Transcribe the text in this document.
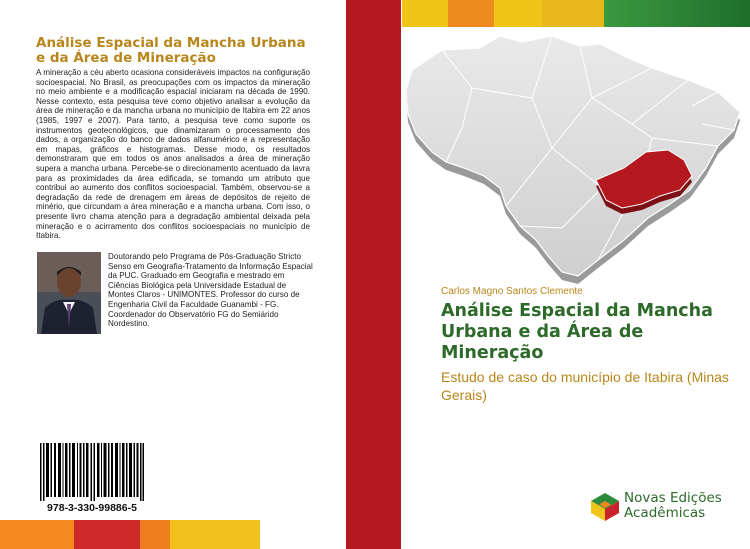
Análise Espacial da Mancha Urbana e da Área de Mineração
A mineração a céu aberto ocasiona consideráveis impactos na configuração socioespacial. No Brasil, as preocupações com os impactos da mineração no meio ambiente e a modificação espacial iniciaram na década de 1990. Nesse contexto, esta pesquisa teve como objetivo analisar a evolução da área de mineração e da mancha urbana no município de Itabira em 22 anos (1985, 1997 e 2007). Para tanto, a pesquisa teve como suporte os instrumentos geotecnológicos, que dinamizaram o processamento dos dados, a organização do banco de dados alfanumérico e a representação em mapas, gráficos e histogramas. Desse modo, os resultados demonstraram que em todos os anos analisados a área de mineração supera a mancha urbana. Percebe-se o direcionamento acentuado da lavra para as proximidades da área edificada, se tomando um atributo que contribui ao aumento dos conflitos socioespacial. Também, observou-se a degradação da rede de drenagem em áreas de depósitos de rejeito de minério, que circundam a área mineração e a mancha urbana. Com isso, o presente livro chama atenção para a degradação ambiental deixada pela mineração e o acirramento dos conflitos socioespaciais no município de Itabira.
Doutorando pelo Programa de Pós-Graduação Stricto Senso em Geografia-Tratamento da Informação Espacial da PUC. Graduado em Geografia e mestrado em Ciências Biológica pela Universidade Estadual de Montes Claros - UNIMONTES. Professor do curso de Engenharia Civil da Faculdade Guanambi - FG. Coordenador do Observatório FG do Semiárido Nordestino.
978-3-330-99886-5
Carlos Magno Santos Clemente
Análise Espacial da Mancha Urbana e da Área de Mineração
Estudo de caso do município de Itabira (Minas Gerais)
Novas Edições
Acadêmicas
